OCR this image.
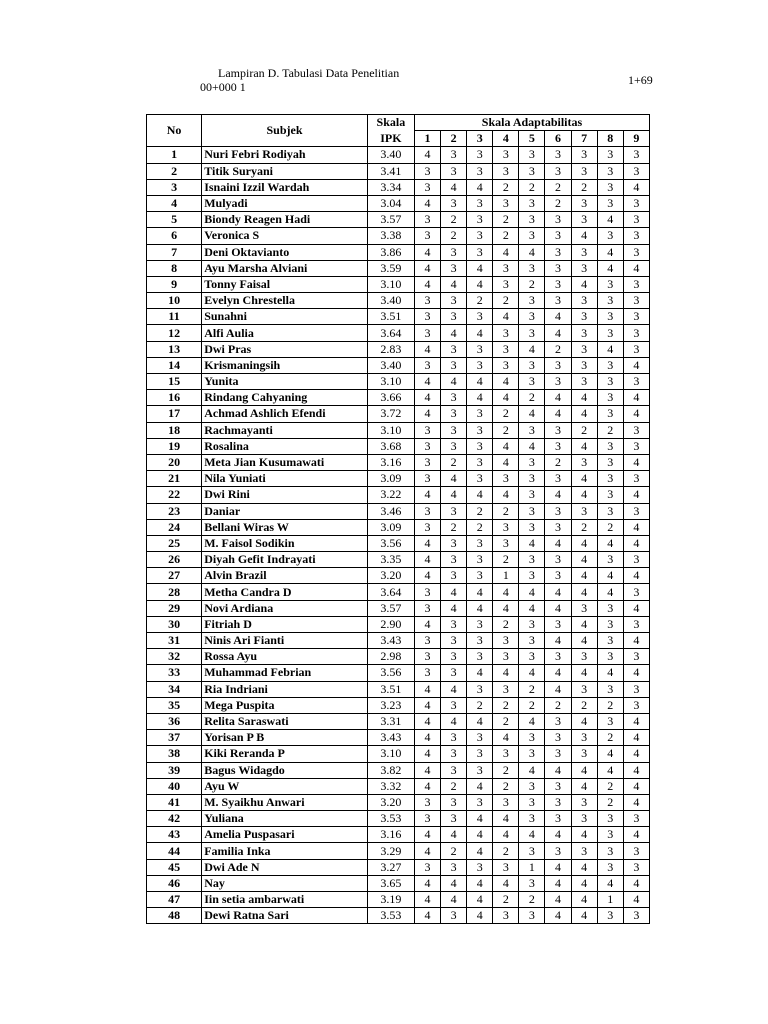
Lampiran D. Tabulasi Data Penelitian
00+000 1	1+69
No	Subjek	Skala	Skala Adaptabilitas								
		IPK	1	2	3	4	5	6	7	8	9
1	Nuri Febri Rodiyah	3.40	4	3	3	3	3	3	3	3	3
2	Titik Suryani	3.41	3	3	3	3	3	3	3	3	3
3	Isnaini Izzil Wardah	3.34	3	4	4	2	2	2	2	3	4
4	Mulyadi	3.04	4	3	3	3	3	2	3	3	3
5	Biondy Reagen Hadi	3.57	3	2	3	2	3	3	3	4	3
6	Veronica S	3.38	3	2	3	2	3	3	4	3	3
7	Deni Oktavianto	3.86	4	3	3	4	4	3	3	4	3
8	Ayu Marsha Alviani	3.59	4	3	4	3	3	3	3	4	4
9	Tonny Faisal	3.10	4	4	4	3	2	3	4	3	3
10	Evelyn Chrestella	3.40	3	3	2	2	3	3	3	3	3
11	Sunahni	3.51	3	3	3	4	3	4	3	3	3
12	Alfi Aulia	3.64	3	4	4	3	3	4	3	3	3
13	Dwi Pras	2.83	4	3	3	3	4	2	3	4	3
14	Krismaningsih	3.40	3	3	3	3	3	3	3	3	4
15	Yunita	3.10	4	4	4	4	3	3	3	3	3
16	Rindang Cahyaning	3.66	4	3	4	4	2	4	4	3	4
17	Achmad Ashlich Efendi	3.72	4	3	3	2	4	4	4	3	4
18	Rachmayanti	3.10	3	3	3	2	3	3	2	2	3
19	Rosalina	3.68	3	3	3	4	4	3	4	3	3
20	Meta Jian Kusumawati	3.16	3	2	3	4	3	2	3	3	4
21	Nila Yuniati	3.09	3	4	3	3	3	3	4	3	3
22	Dwi Rini	3.22	4	4	4	4	3	4	4	3	4
23	Daniar	3.46	3	3	2	2	3	3	3	3	3
24	Bellani Wiras W	3.09	3	2	2	3	3	3	2	2	4
25	M. Faisol Sodikin	3.56	4	3	3	3	4	4	4	4	4
26	Diyah Gefit Indrayati	3.35	4	3	3	2	3	3	4	3	3
27	Alvin Brazil	3.20	4	3	3	1	3	3	4	4	4
28	Metha Candra D	3.64	3	4	4	4	4	4	4	4	3
29	Novi Ardiana	3.57	3	4	4	4	4	4	3	3	4
30	Fitriah D	2.90	4	3	3	2	3	3	4	3	3
31	Ninis Ari Fianti	3.43	3	3	3	3	3	4	4	3	4
32	Rossa Ayu	2.98	3	3	3	3	3	3	3	3	3
33	Muhammad Febrian	3.56	3	3	4	4	4	4	4	4	4
34	Ria Indriani	3.51	4	4	3	3	2	4	3	3	3
35	Mega Puspita	3.23	4	3	2	2	2	2	2	2	3
36	Relita Saraswati	3.31	4	4	4	2	4	3	4	3	4
37	Yorisan P B	3.43	4	3	3	4	3	3	3	2	4
38	Kiki Reranda P	3.10	4	3	3	3	3	3	3	4	4
39	Bagus Widagdo	3.82	4	3	3	2	4	4	4	4	4
40	Ayu W	3.32	4	2	4	2	3	3	4	2	4
41	M. Syaikhu Anwari	3.20	3	3	3	3	3	3	3	2	4
42	Yuliana	3.53	3	3	4	4	3	3	3	3	3
43	Amelia Puspasari	3.16	4	4	4	4	4	4	4	3	4
44	Familia Inka	3.29	4	2	4	2	3	3	3	3	3
45	Dwi Ade N	3.27	3	3	3	3	1	4	4	3	3
46	Nay	3.65	4	4	4	4	3	4	4	4	4
47	Iin setia ambarwati	3.19	4	4	4	2	2	4	4	1	4
48	Dewi Ratna Sari	3.53	4	3	4	3	3	4	4	3	3
